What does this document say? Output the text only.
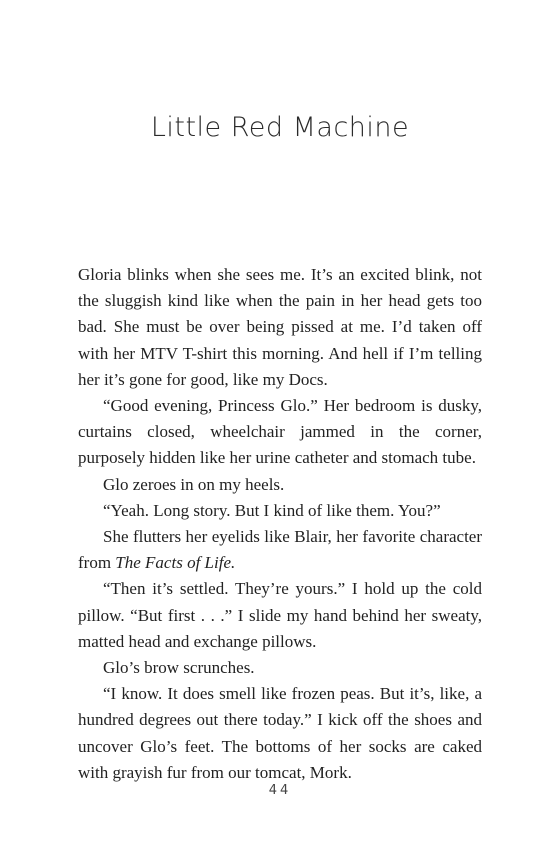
Little Red Machine

Gloria blinks when she sees me. It’s an excited blink, not the sluggish kind like when the pain in her head gets too bad. She must be over being pissed at me. I’d taken off with her MTV T-shirt this morning. And hell if I’m telling her it’s gone for good, like my Docs.

“Good evening, Princess Glo.” Her bedroom is dusky, curtains closed, wheelchair jammed in the corner, purposely hidden like her urine catheter and stomach tube.

Glo zeroes in on my heels.

“Yeah. Long story. But I kind of like them. You?”

She flutters her eyelids like Blair, her favorite character from The Facts of Life.

“Then it’s settled. They’re yours.” I hold up the cold pillow. “But first . . .” I slide my hand behind her sweaty, matted head and exchange pillows.

Glo’s brow scrunches.

“I know. It does smell like frozen peas. But it’s, like, a hundred degrees out there today.” I kick off the shoes and uncover Glo’s feet. The bottoms of her socks are caked with grayish fur from our tomcat, Mork.

44
